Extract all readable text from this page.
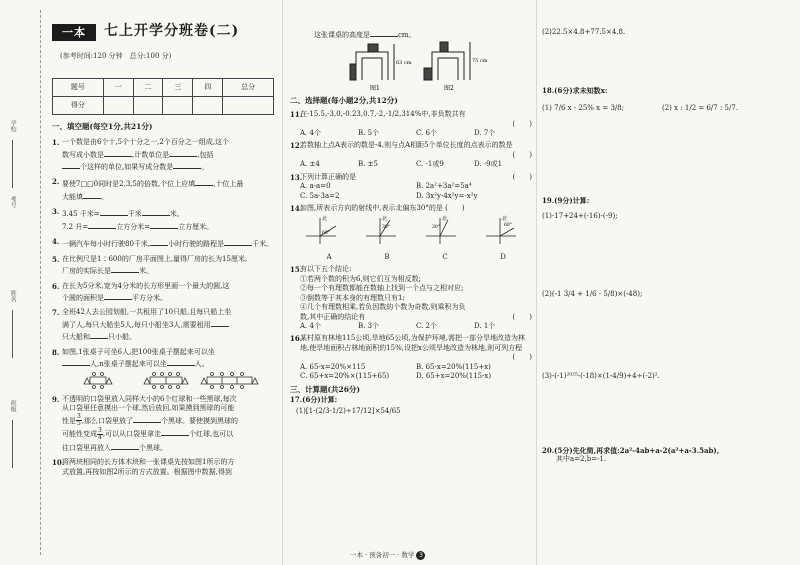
学校
考号
姓名
班级
一本	七上开学分班卷(二)
(参考时间:120 分钟　总分:100 分)
题号	一	二	三	四	总分
得分					
一、填空题(每空1分,共21分)
1. 一个数是由6个十,5个十分之一,2个百分之一组成,这个
数写成小数是	,计数单位是	,包括
个这样的单位,如果写成分数是	。
2. 要使7□□0同时是2,3,5的倍数,个位上应填	,十位上最
大能填	。
3. 3.45 千米=	千米	米。
7.2 升=	立方分米=	立方厘米。
4. 一辆汽车每小时行驶80千米,	小时行驶的路程是	千米。
5. 在比例尺是1∶600的厂房平面图上,量得厂房的长为15厘米,
厂房的实际长是	米。
6. 在长为5分米,宽为4分米的长方形里画一个最大的圆,这
个圆的面积是	平方分米。
7. 全班42人去公园划船,一共租用了10只船,且每只船上坐
满了人,每只大船坐5人,每只小船坐3人,需要租用
只大船和	只小船。
8. 如图,1张桌子可坐6人,把100张桌子摆起来可以坐
人,n张桌子摆起来可以坐	人。
9. 不透明的口袋里放入同样大小的6个红球和一些黑球,每次
从口袋里任意摸出一个球,然后放回,如果摸到黑球的可能
性是 $\frac{3}{5}$ ,那么口袋里放了	个黑球。要使摸到黑球的
可能性变成 $\frac{3}{4}$ ,可以从口袋里拿走	个红球,也可以
往口袋里再放入	个黑球。
10.
将两块相同的长方体木块和一张课桌先按如图1所示的方
式放置,再按如图2所示的方式放置。根据图中数据,得到
这张课桌的高度是	cm。
63 cm	75 cm
图1	图2
二、选择题(每小题2分,共12分)
11.
在-15.5,-3,0,-0.23,0.7,-2,-1/2,314%中,非负数共有
(　　)
A. 4个	B. 5个	C. 6个	D. 7个
12.
若数轴上点A表示的数是-4,则与点A相距5个单位长度的点表示的数是
(　　)
A. ±4	B. ±5	C. -1或9	D. -9或1
13.
下列计算正确的是	(　　)
A. a-a=0	B. 2a²+3a²=5a⁴
C. 5a-3a=2	D. 3x²y-4x²y=-x²y
14.
如图,所表示方向的射线中,表示北偏东30°的是 (　　)
北	北	北	北
60°
30°	30°	60°
A	B	C	D
15.
有以下五个结论:
①若两个数的积为6,则它们互为相反数;
②每一个有理数都能在数轴上找到一个点与之相对应;
③倒数等于其本身的有理数只有1;
④几个有理数相乘,若负因数的个数为奇数,则乘积为负
数,其中正确的结论有	(　　)
A. 4个	B. 3个	C. 2个	D. 1个
16.
某村原有林地115公顷,旱地65公顷,为保护环境,需把一部分旱地改造为林地,使旱地面积占林地面积的15%,设把x公顷旱地改造为林地,则可列方程
(　　)
A. 65-x=20%×115	B. 65-x=20%(115+x)
C. 65+x=20%×(115+65)	D. 65+x=20%(115-x)
三、计算题(共26分)
17.(6分)计算:
(1)[1-(2/3-1/2)÷17/12]×54/65
(2)22.5×4.8+77.5×4.8.
18.(6分)求未知数x:
(1) 7/6 x - 25% x = 3/8;	(2) x : 1/2 = 6/7 : 5/7.
19.(9分)计算:
(1)-17+24+(-16)-(-9);
(2)(-1 3/4 + 1/6 - 5/8)×(-48);
(3)-(-1)²⁰²⁵-(-18)×(1-4/9)+4÷(-2)².
20.(5分)先化简,再求值:2a²-4ab+a-2(a²+a-3.5ab),
其中a=2,b=-1.
一本 · 预备初一 · 数学 3
